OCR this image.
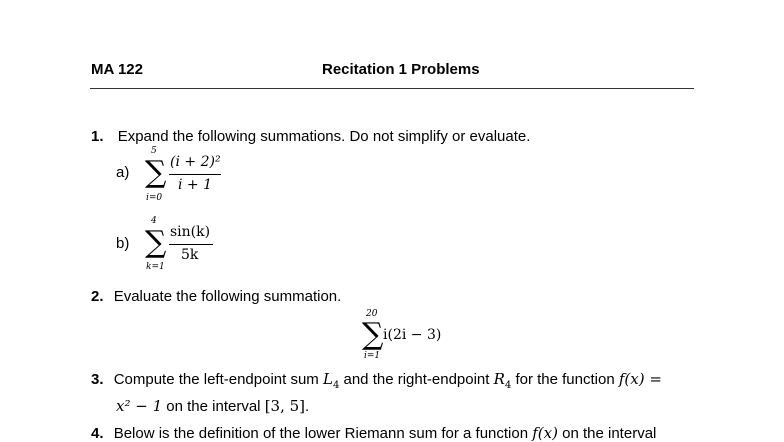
MA 122	Recitation 1 Problems
1. Expand the following summations. Do not simplify or evaluate.
a)
5
∑
i=0
(i + 2)²
i + 1
b)
4
∑
k=1
sin(k)
5k
2. Evaluate the following summation.
20
∑
i=1
i(2i − 3)
3. Compute the left-endpoint sum $L_4$ and the right-endpoint $R_4$ for the function f(x) =
x² − 1 on the interval [3, 5].
4. Below is the definition of the lower Riemann sum for a function f(x) on the interval
